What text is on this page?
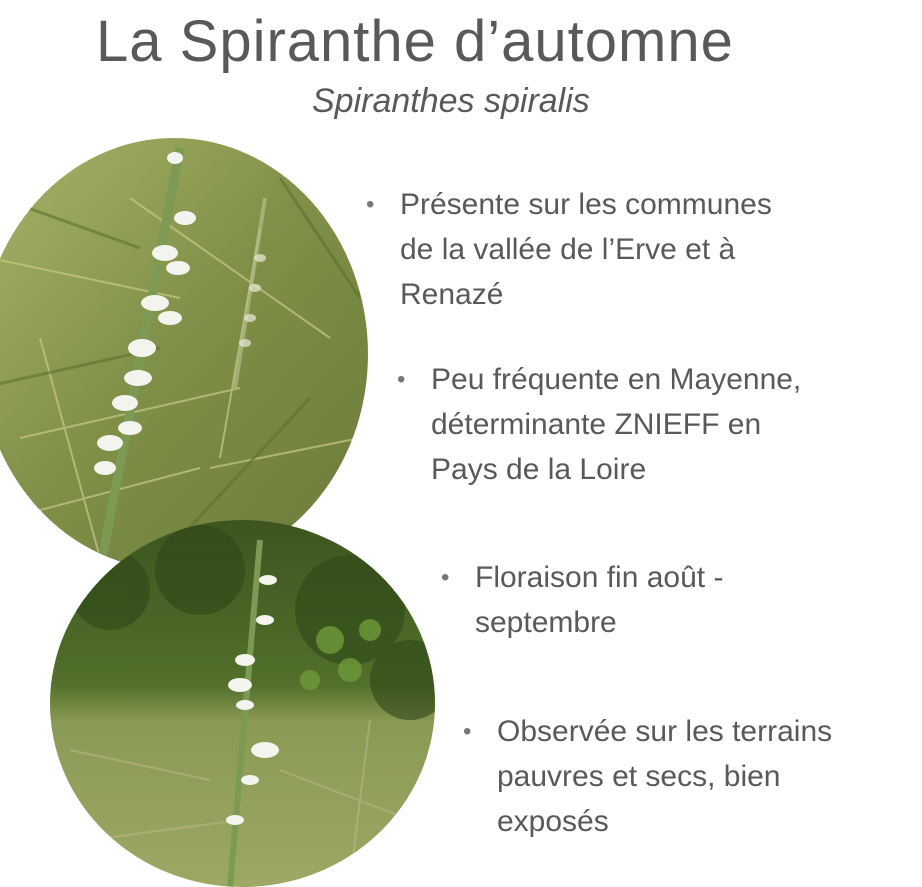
La Spiranthe d’automne
Spiranthes spiralis
• Présente sur les communes
de la vallée de l’Erve et à
Renazé
• Peu fréquente en Mayenne,
déterminante ZNIEFF en
Pays de la Loire
• Floraison fin août -
septembre
• Observée sur les terrains
pauvres et secs, bien
exposés
